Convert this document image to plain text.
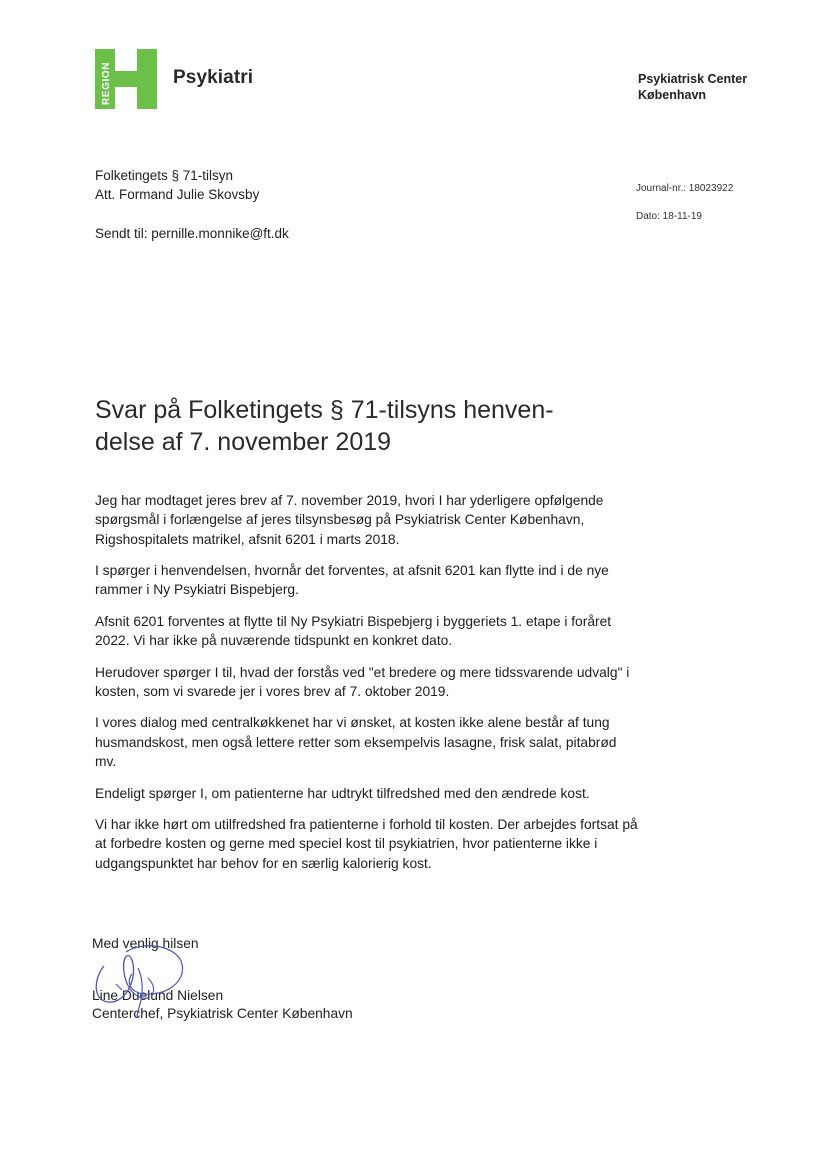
REGION	Psykiatri	Psykiatrisk Center
København
Journal-nr.: 18023922
Dato: 18-11-19
Folketingets § 71-tilsyn
Att. Formand Julie Skovsby
Sendt til: pernille.monnike@ft.dk
Svar på Folketingets § 71-tilsyns henven-
delse af 7. november 2019

Jeg har modtaget jeres brev af 7. november 2019, hvori I har yderligere opfølgende spørgsmål i forlængelse af jeres tilsynsbesøg på Psykiatrisk Center København, Rigshospitalets matrikel, afsnit 6201 i marts 2018.

I spørger i henvendelsen, hvornår det forventes, at afsnit 6201 kan flytte ind i de nye rammer i Ny Psykiatri Bispebjerg.

Afsnit 6201 forventes at flytte til Ny Psykiatri Bispebjerg i byggeriets 1. etape i foråret 2022. Vi har ikke på nuværende tidspunkt en konkret dato.

Herudover spørger I til, hvad der forstås ved "et bredere og mere tidssvarende udvalg" i kosten, som vi svarede jer i vores brev af 7. oktober 2019.

I vores dialog med centralkøkkenet har vi ønsket, at kosten ikke alene består af tung husmandskost, men også lettere retter som eksempelvis lasagne, frisk salat, pitabrød mv.

Endeligt spørger I, om patienterne har udtrykt tilfredshed med den ændrede kost.

Vi har ikke hørt om utilfredshed fra patienterne i forhold til kosten. Der arbejdes fortsat på at forbedre kosten og gerne med speciel kost til psykiatrien, hvor patienterne ikke i udgangspunktet har behov for en særlig kalorierig kost.

Med venlig hilsen
Line Duelund Nielsen
Centerchef, Psykiatrisk Center København
